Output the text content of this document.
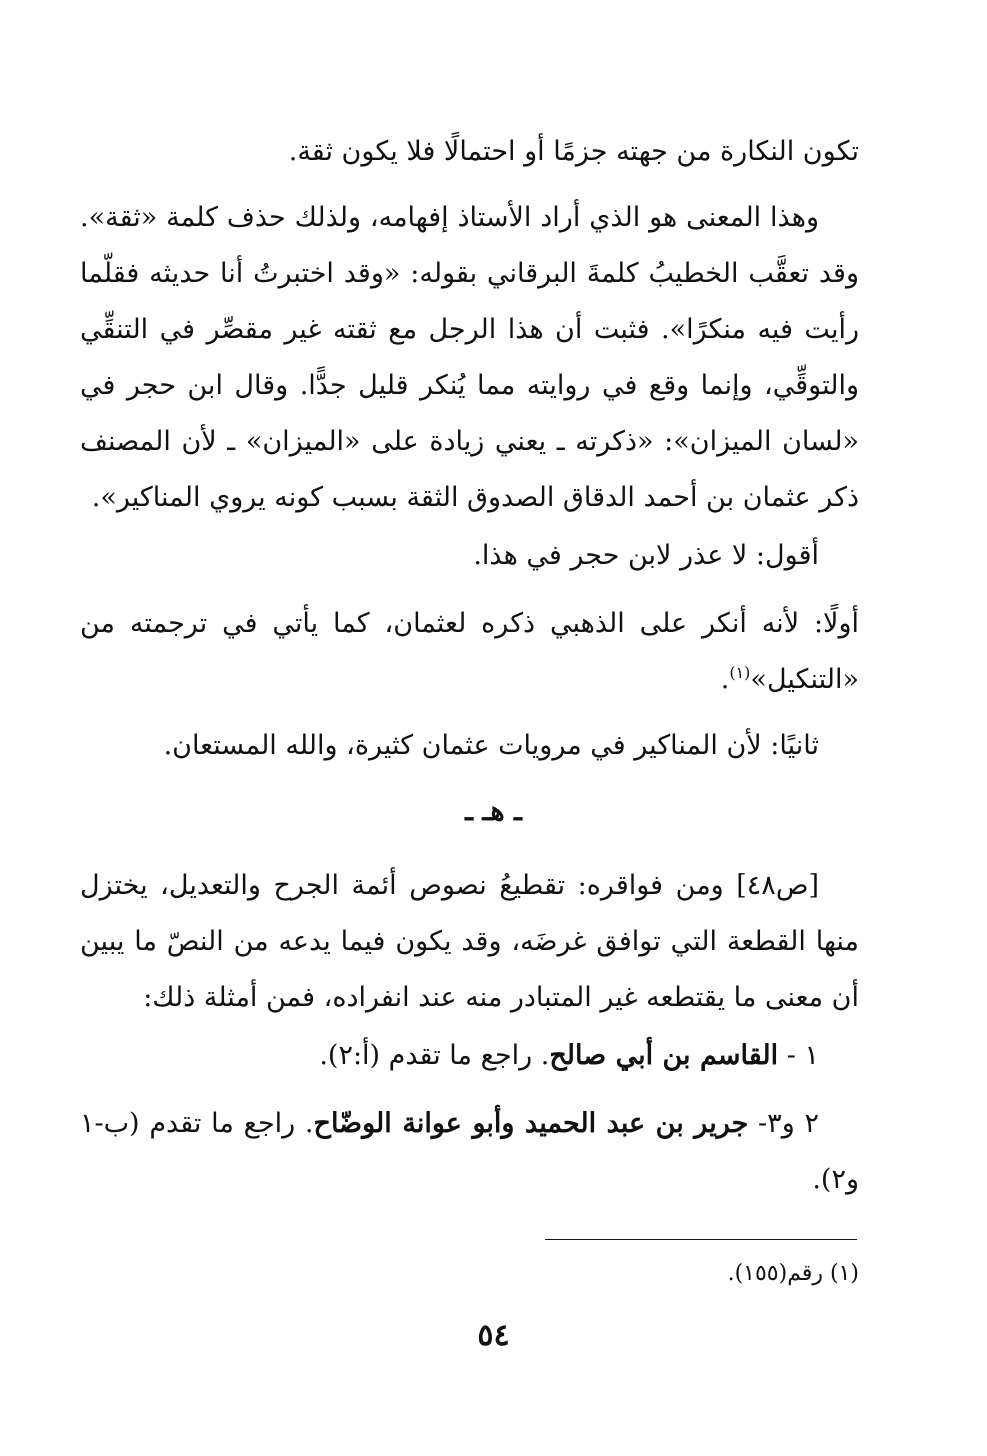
تكون النكارة من جهته جزمًا أو احتمالًا فلا يكون ثقة.

وهذا المعنى هو الذي أراد الأستاذ إفهامه، ولذلك حذف كلمة «ثقة». وقد تعقَّب الخطيبُ كلمةَ البرقاني بقوله: «وقد اختبرتُ أنا حديثه فقلّما رأيت فيه منكرًا». فثبت أن هذا الرجل مع ثقته غير مقصِّر في التنقِّي والتوقِّي، وإنما وقع في روايته مما يُنكر قليل جدًّا. وقال ابن حجر في «لسان الميزان»: «ذكرته ـ يعني زيادة على «الميزان» ـ لأن المصنف ذكر عثمان بن أحمد الدقاق الصدوق الثقة بسبب كونه يروي المناكير».

أقول: لا عذر لابن حجر في هذا.

أولًا: لأنه أنكر على الذهبي ذكره لعثمان، كما يأتي في ترجمته من «التنكيل»$^{(١)}$.

ثانيًا: لأن المناكير في مرويات عثمان كثيرة، والله المستعان.

ـ هـ ـ

[ص٤٨] ومن فواقره: تقطيعُ نصوص أئمة الجرح والتعديل، يختزل منها القطعة التي توافق غرضَه، وقد يكون فيما يدعه من النصّ ما يبين أن معنى ما يقتطعه غير المتبادر منه عند انفراده، فمن أمثلة ذلك:

١ - القاسم بن أبي صالح. راجع ما تقدم (أ:٢).

٢ و٣- جرير بن عبد الحميد وأبو عوانة الوضّاح. راجع ما تقدم (ب-١ و٢).

(١) رقم(١٥٥).
٥٤
